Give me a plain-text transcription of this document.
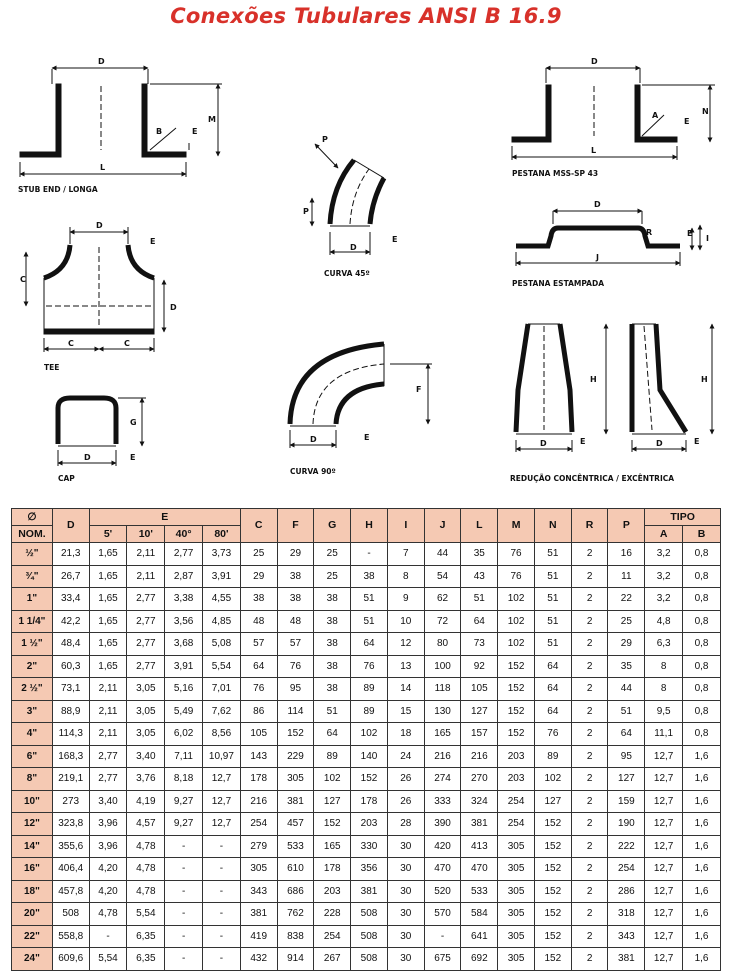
Conexões Tubulares ANSI B 16.9
D
L
M
B	E
D
L
N
A
E
P
P
D
E
D
R	E
I
J
D
E
C
D
C	C
G
D	E
F
D	E
H
D	E
H
D	E
STUB END / LONGA
PESTANA MSS-SP 43
CURVA 45º
PESTANA ESTAMPADA
TEE
REDUÇÃO CONCÊNTRICA / EXCÊNTRICA
CAP
CURVA 90º
∅	D	E				C	F	G	H	I	J	L	M	N	R	P	TIPO	
NOM.		5'	10'	40°	80'												A	B
½"	21,3	1,65	2,11	2,77	3,73	25	29	25	-	7	44	35	76	51	2	16	3,2	0,8
¾"	26,7	1,65	2,11	2,87	3,91	29	38	25	38	8	54	43	76	51	2	11	3,2	0,8
1"	33,4	1,65	2,77	3,38	4,55	38	38	38	51	9	62	51	102	51	2	22	3,2	0,8
1 1/4"	42,2	1,65	2,77	3,56	4,85	48	48	38	51	10	72	64	102	51	2	25	4,8	0,8
1 ½"	48,4	1,65	2,77	3,68	5,08	57	57	38	64	12	80	73	102	51	2	29	6,3	0,8
2"	60,3	1,65	2,77	3,91	5,54	64	76	38	76	13	100	92	152	64	2	35	8	0,8
2 ½"	73,1	2,11	3,05	5,16	7,01	76	95	38	89	14	118	105	152	64	2	44	8	0,8
3"	88,9	2,11	3,05	5,49	7,62	86	114	51	89	15	130	127	152	64	2	51	9,5	0,8
4"	114,3	2,11	3,05	6,02	8,56	105	152	64	102	18	165	157	152	76	2	64	11,1	0,8
6"	168,3	2,77	3,40	7,11	10,97	143	229	89	140	24	216	216	203	89	2	95	12,7	1,6
8"	219,1	2,77	3,76	8,18	12,7	178	305	102	152	26	274	270	203	102	2	127	12,7	1,6
10"	273	3,40	4,19	9,27	12,7	216	381	127	178	26	333	324	254	127	2	159	12,7	1,6
12"	323,8	3,96	4,57	9,27	12,7	254	457	152	203	28	390	381	254	152	2	190	12,7	1,6
14"	355,6	3,96	4,78	-	-	279	533	165	330	30	420	413	305	152	2	222	12,7	1,6
16"	406,4	4,20	4,78	-	-	305	610	178	356	30	470	470	305	152	2	254	12,7	1,6
18"	457,8	4,20	4,78	-	-	343	686	203	381	30	520	533	305	152	2	286	12,7	1,6
20"	508	4,78	5,54	-	-	381	762	228	508	30	570	584	305	152	2	318	12,7	1,6
22"	558,8	-	6,35	-	-	419	838	254	508	30	-	641	305	152	2	343	12,7	1,6
24"	609,6	5,54	6,35	-	-	432	914	267	508	30	675	692	305	152	2	381	12,7	1,6
